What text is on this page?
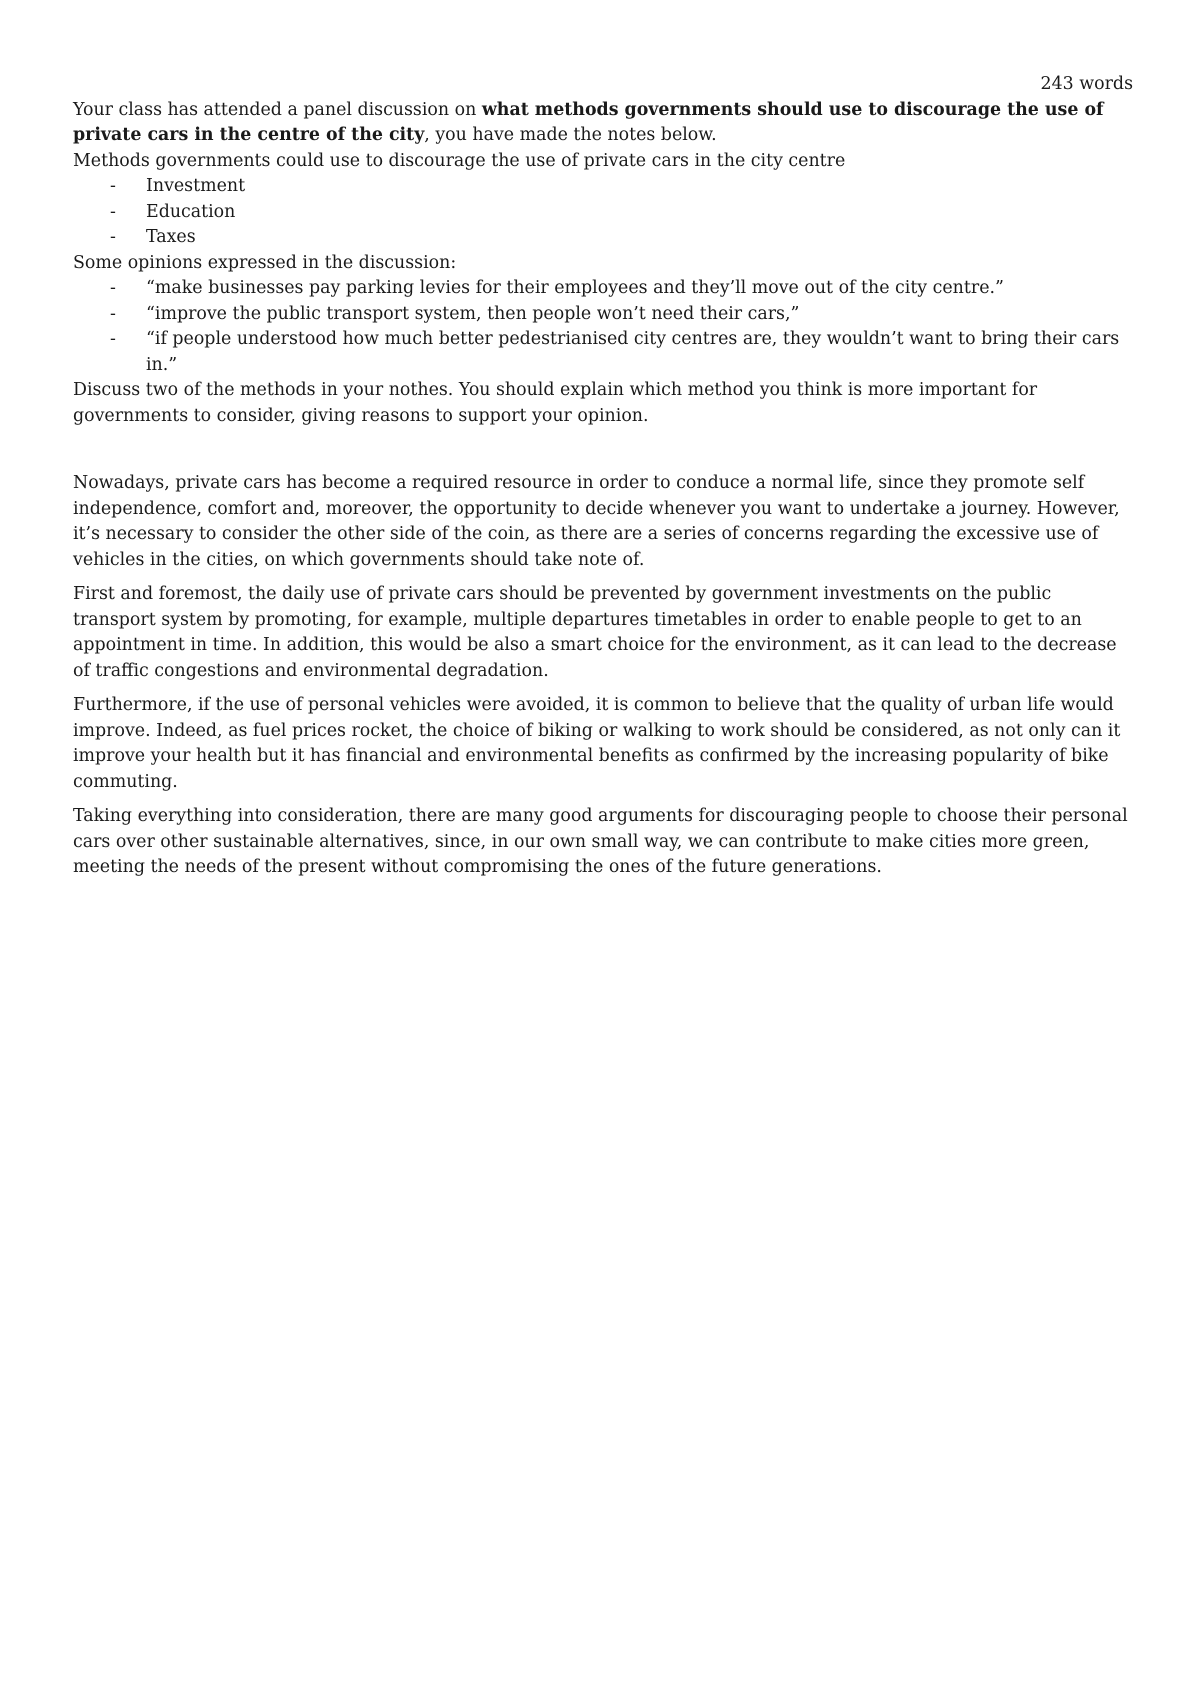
243 words

Your class has attended a panel discussion on what methods governments should use to discourage the use of private cars in the centre of the city, you have made the notes below.

Methods governments could use to discourage the use of private cars in the city centre

- Investment
- Education
- Taxes

Some opinions expressed in the discussion:

- “make businesses pay parking levies for their employees and they’ll move out of the city centre.”
- “improve the public transport system, then people won’t need their cars,”
- “if people understood how much better pedestrianised city centres are, they wouldn’t want to bring their cars in.”

Discuss two of the methods in your nothes. You should explain which method you think is more important for governments to consider, giving reasons to support your opinion.

Nowadays, private cars has become a required resource in order to conduce a normal life, since they promote self independence, comfort and, moreover, the opportunity to decide whenever you want to undertake a journey. However, it’s necessary to consider the other side of the coin, as there are a series of concerns regarding the excessive use of vehicles in the cities, on which governments should take note of.

First and foremost, the daily use of private cars should be prevented by government investments on the public transport system by promoting, for example, multiple departures timetables in order to enable people to get to an appointment in time. In addition, this would be also a smart choice for the environment, as it can lead to the decrease of traffic congestions and environmental degradation.

Furthermore, if the use of personal vehicles were avoided, it is common to believe that the quality of urban life would improve. Indeed, as fuel prices rocket, the choice of biking or walking to work should be considered, as not only can it improve your health but it has financial and environmental benefits as confirmed by the increasing popularity of bike commuting.

Taking everything into consideration, there are many good arguments for discouraging people to choose their personal cars over other sustainable alternatives, since, in our own small way, we can contribute to make cities more green, meeting the needs of the present without compromising the ones of the future generations.
